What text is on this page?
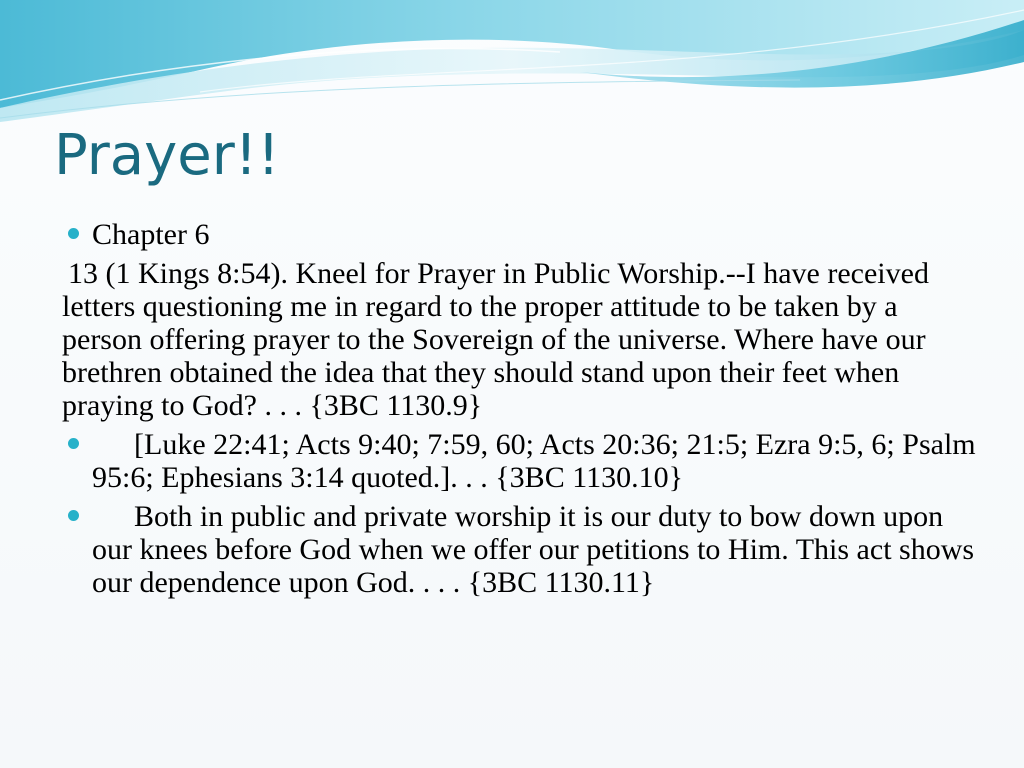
Prayer!!
Chapter 6
13 (1 Kings 8:54). Kneel for Prayer in Public Worship.--I have received letters questioning me in regard to the proper attitude to be taken by a person offering prayer to the Sovereign of the universe. Where have our brethren obtained the idea that they should stand upon their feet when praying to God? . . . {3BC 1130.9}
[Luke 22:41; Acts 9:40; 7:59, 60; Acts 20:36; 21:5; Ezra 9:5, 6; Psalm 95:6; Ephesians 3:14 quoted.]. . . {3BC 1130.10}
Both in public and private worship it is our duty to bow down upon our knees before God when we offer our petitions to Him. This act shows our dependence upon God. . . . {3BC 1130.11}
